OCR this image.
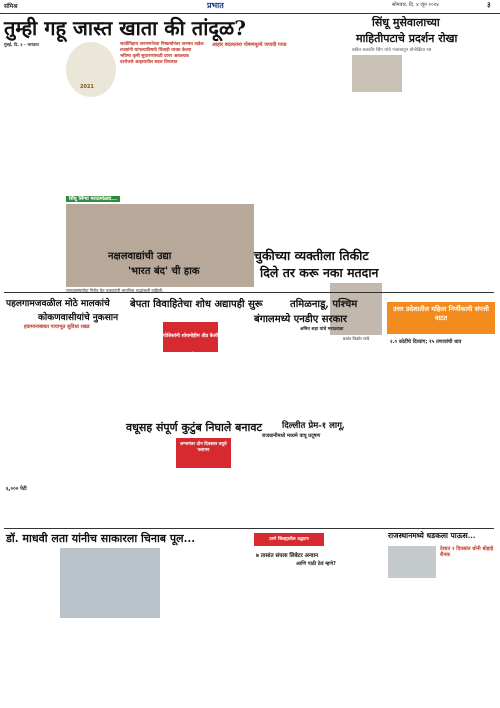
संमिश्र	प्रभात	सोमवार, दि. ४ जून २०२४	३
तुम्ही गहू जास्त खाता की तांदूळ?
मुंबई, दि. ३ - भारतात
2021
जातीनिहाय जनगणनेच्या निष्कर्षानंतर जनमत वाढेल
तज्ज्ञांनी चांगल्याविषयी चिंताही व्यक्त केल्या
भविष्य कृषी सुधारणांसाठी वापर आवश्यक
दररोजचे आहारातील बदल विचारात
आहार बदलताना पोषणमूल्ये जपावी गरज
सिंधू मुसेवालाच्या
माहितीपटाचे प्रदर्शन रोखा
वडील बलकौर सिंग यांचे पंजाबातून प्रोजेक्टिव रस
सिंधू सिंग्या मराठमोळ्या...
त्याच्यासंघर्षाचा निरोप घेत चाहत्यांनी भावनिक श्रद्धांजली वाहिली.
नक्षलवाद्यांची उद्या
'भारत बंद' ची हाक
चुकीच्या व्यक्तीला तिकीट
दिले तर करू नका मतदान
प्रशांत किशोर यांचे
पहलगामजवळील मोठे मालकांचे
कोकणवासीयांचे नुकसान
हवामानाबाबत पायाभूत सुविधा रखड
बेपता विवाहितेचा शोध अद्यापही सुरू
पोलिसांनी शोधमोहीम तीव्र केली आहे
तमिळनाडू, पश्चिम
बंगालमध्ये एनडीए सरकार
अमित शहा यांचे मराठवाडा
उत्तर प्रदेशातील महिला निर्णीकायी संपत्ती वाटत
२.० कोटींचे दिव्यांग; १५ तणावांची धाव
वधूसह संपूर्ण कुटुंब निघाले बनावट
लग्नानंतर दोन दिवसात वधूचे पलायन
दिल्लीत प्रेम-१ लागू,
राजधानीमध्ये मध्यमे वायू प्रदूषण
६,००० पेटी
डॉ. माधवी लता यांनीच साकारला चिनाब पूल...	ठाणे जिल्ह्यातील उद्घाटन
७ तासांत संपला लिबेटर अन्वान
आणि पाठी ठेवं म्हणे?
राजस्थानमध्ये धडकला पाऊस...
देशात २ दिवसांत धोनी बोहाहे रौनक
